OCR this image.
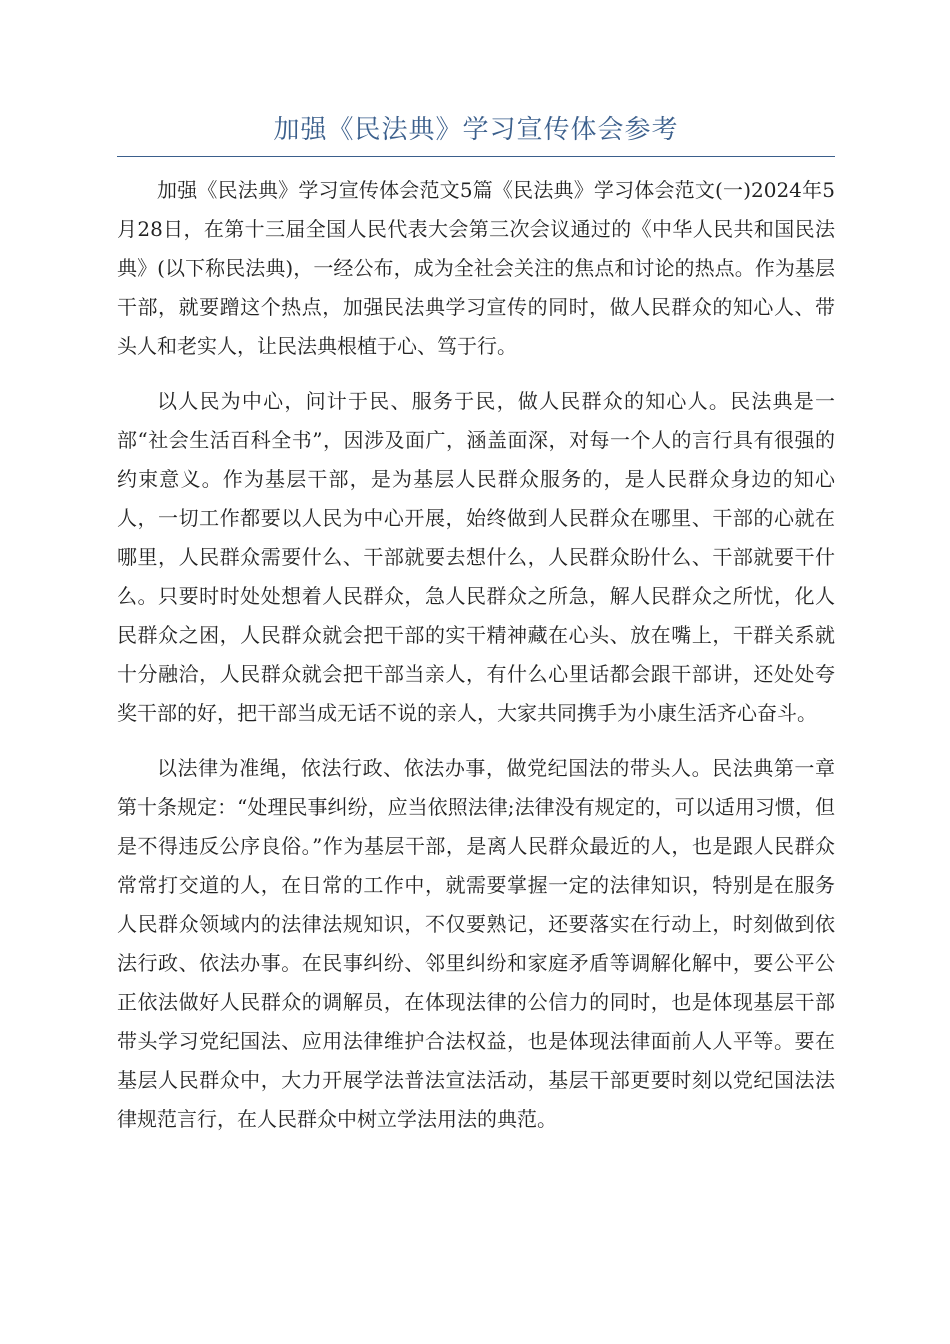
加强《民法典》学习宣传体会参考

加强《民法典》学习宣传体会范文5篇《民法典》学习体会范文(一)2024年5月28日，在第十三届全国人民代表大会第三次会议通过的《中华人民共和国民法典》(以下称民法典)，一经公布，成为全社会关注的焦点和讨论的热点。作为基层干部，就要蹭这个热点，加强民法典学习宣传的同时，做人民群众的知心人、带头人和老实人，让民法典根植于心、笃于行。

以人民为中心，问计于民、服务于民，做人民群众的知心人。民法典是一部“社会生活百科全书”，因涉及面广，涵盖面深，对每一个人的言行具有很强的约束意义。作为基层干部，是为基层人民群众服务的，是人民群众身边的知心人，一切工作都要以人民为中心开展，始终做到人民群众在哪里、干部的心就在哪里，人民群众需要什么、干部就要去想什么，人民群众盼什么、干部就要干什么。只要时时处处想着人民群众，急人民群众之所急，解人民群众之所忧，化人民群众之困，人民群众就会把干部的实干精神藏在心头、放在嘴上，干群关系就十分融洽，人民群众就会把干部当亲人，有什么心里话都会跟干部讲，还处处夸奖干部的好，把干部当成无话不说的亲人，大家共同携手为小康生活齐心奋斗。

以法律为准绳，依法行政、依法办事，做党纪国法的带头人。民法典第一章第十条规定：“处理民事纠纷，应当依照法律;法律没有规定的，可以适用习惯，但是不得违反公序良俗。”作为基层干部，是离人民群众最近的人，也是跟人民群众常常打交道的人，在日常的工作中，就需要掌握一定的法律知识，特别是在服务人民群众领域内的法律法规知识，不仅要熟记，还要落实在行动上，时刻做到依法行政、依法办事。在民事纠纷、邻里纠纷和家庭矛盾等调解化解中，要公平公正依法做好人民群众的调解员，在体现法律的公信力的同时，也是体现基层干部带头学习党纪国法、应用法律维护合法权益，也是体现法律面前人人平等。要在基层人民群众中，大力开展学法普法宣法活动，基层干部更要时刻以党纪国法法律规范言行，在人民群众中树立学法用法的典范。
